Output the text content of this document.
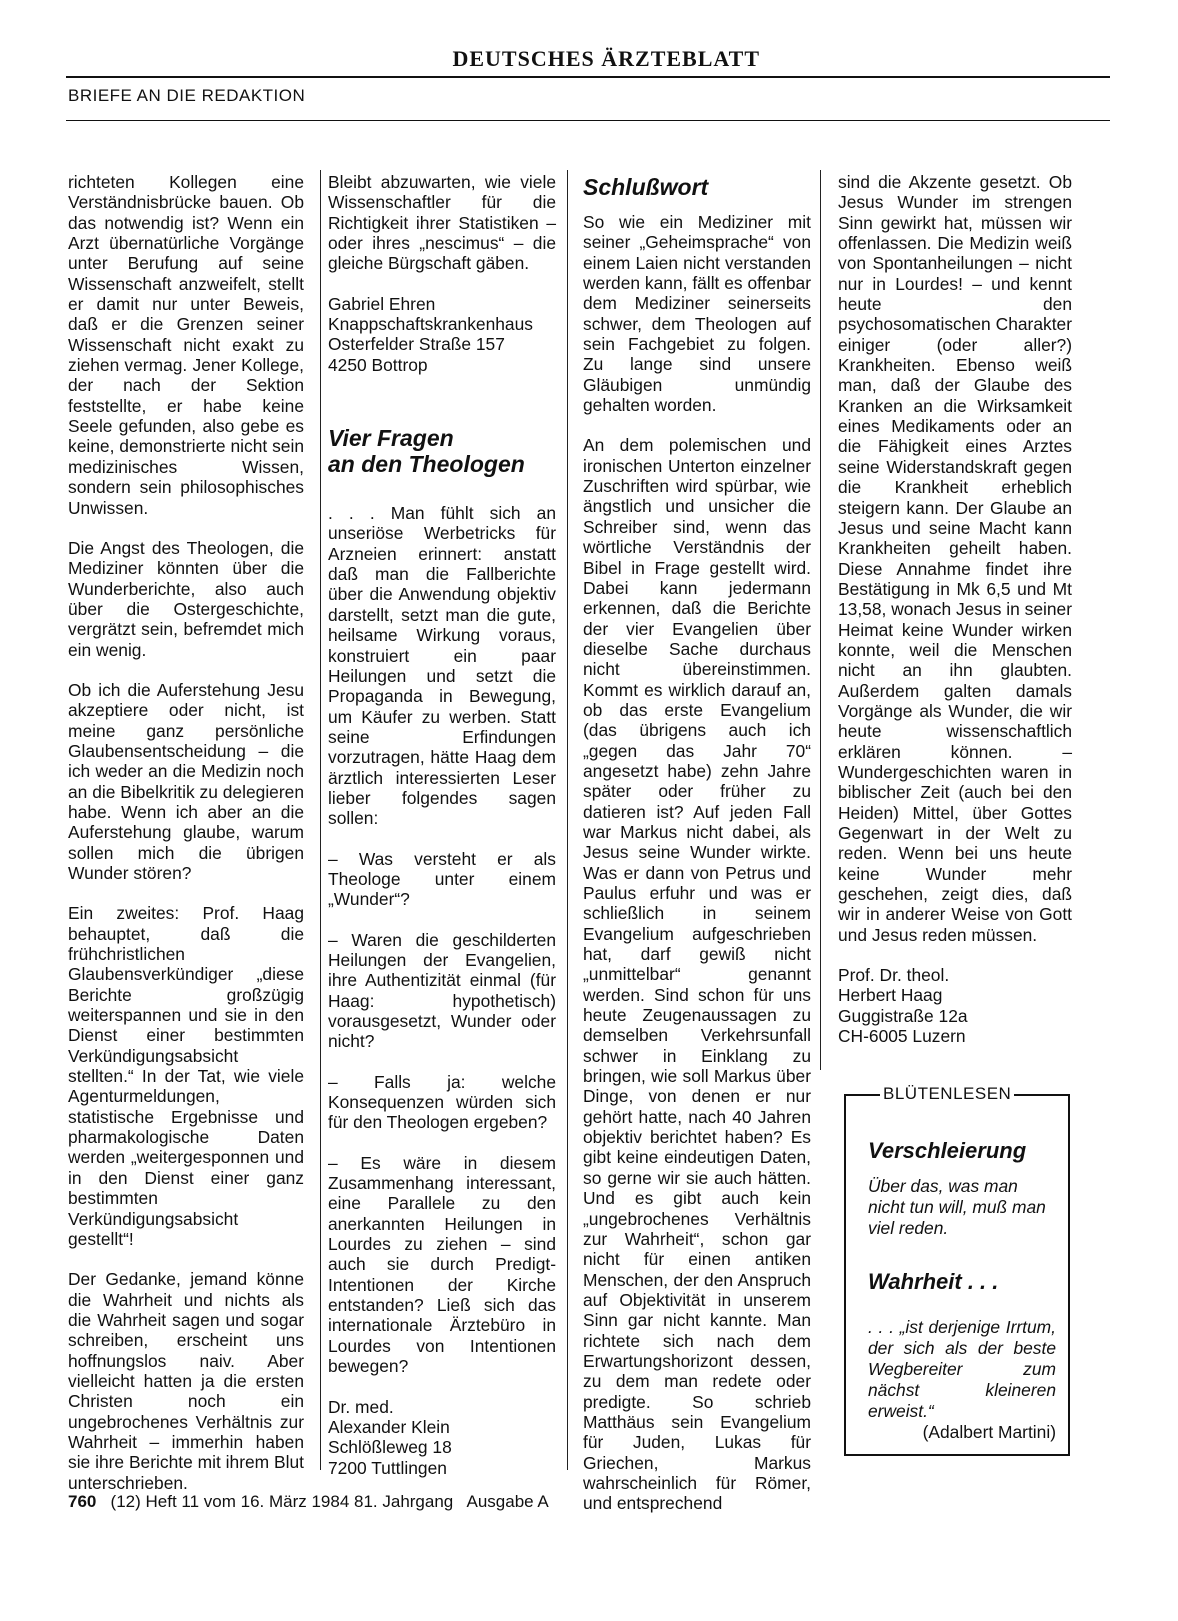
DEUTSCHES ÄRZTEBLATT
BRIEFE AN DIE REDAKTION

richteten Kollegen eine Verständnisbrücke bauen. Ob das notwendig ist? Wenn ein Arzt übernatürliche Vorgänge unter Berufung auf seine Wissenschaft anzweifelt, stellt er damit nur unter Beweis, daß er die Grenzen seiner Wissenschaft nicht exakt zu ziehen vermag. Jener Kollege, der nach der Sektion feststellte, er habe keine Seele gefunden, also gebe es keine, demonstrierte nicht sein medizinisches Wissen, sondern sein philosophisches Unwissen.

Die Angst des Theologen, die Mediziner könnten über die Wunderberichte, also auch über die Ostergeschichte, vergrätzt sein, befremdet mich ein wenig.

Ob ich die Auferstehung Jesu akzeptiere oder nicht, ist meine ganz persönliche Glaubensentscheidung – die ich weder an die Medizin noch an die Bibelkritik zu delegieren habe. Wenn ich aber an die Auferstehung glaube, warum sollen mich die übrigen Wunder stören?

Ein zweites: Prof. Haag behauptet, daß die frühchristlichen Glaubensverkündiger „diese Berichte großzügig weiterspannen und sie in den Dienst einer bestimmten Verkündigungsabsicht stellten.“ In der Tat, wie viele Agenturmeldungen, statistische Ergebnisse und pharmakologische Daten werden „weitergesponnen und in den Dienst einer ganz bestimmten Verkündigungsabsicht gestellt“!

Der Gedanke, jemand könne die Wahrheit und nichts als die Wahrheit sagen und sogar schreiben, erscheint uns hoffnungslos naiv. Aber vielleicht hatten ja die ersten Christen noch ein ungebrochenes Verhältnis zur Wahrheit – immerhin haben sie ihre Berichte mit ihrem Blut unterschrieben.

Bleibt abzuwarten, wie viele Wissenschaftler für die Richtigkeit ihrer Statistiken – oder ihres „nescimus“ – die gleiche Bürgschaft gäben.

Gabriel Ehren
Knappschaftskrankenhaus
Osterfelder Straße 157
4250 Bottrop

Vier Fragen
an den Theologen

. . . Man fühlt sich an unseriöse Werbetricks für Arzneien erinnert: anstatt daß man die Fallberichte über die Anwendung objektiv darstellt, setzt man die gute, heilsame Wirkung voraus, konstruiert ein paar Heilungen und setzt die Propaganda in Bewegung, um Käufer zu werben. Statt seine Erfindungen vorzutragen, hätte Haag dem ärztlich interessierten Leser lieber folgendes sagen sollen:

– Was versteht er als Theologe unter einem „Wunder“?

– Waren die geschilderten Heilungen der Evangelien, ihre Authentizität einmal (für Haag: hypothetisch) vorausgesetzt, Wunder oder nicht?

– Falls ja: welche Konsequenzen würden sich für den Theologen ergeben?

– Es wäre in diesem Zusammenhang interessant, eine Parallele zu den anerkannten Heilungen in Lourdes zu ziehen – sind auch sie durch Predigt-Intentionen der Kirche entstanden? Ließ sich das internationale Ärztebüro in Lourdes von Intentionen bewegen?

Dr. med.
Alexander Klein
Schlößleweg 18
7200 Tuttlingen

Schlußwort

So wie ein Mediziner mit seiner „Geheimsprache“ von einem Laien nicht verstanden werden kann, fällt es offenbar dem Mediziner seinerseits schwer, dem Theologen auf sein Fachgebiet zu folgen. Zu lange sind unsere Gläubigen unmündig gehalten worden.

An dem polemischen und ironischen Unterton einzelner Zuschriften wird spürbar, wie ängstlich und unsicher die Schreiber sind, wenn das wörtliche Verständnis der Bibel in Frage gestellt wird. Dabei kann jedermann erkennen, daß die Berichte der vier Evangelien über dieselbe Sache durchaus nicht übereinstimmen. Kommt es wirklich darauf an, ob das erste Evangelium (das übrigens auch ich „gegen das Jahr 70“ angesetzt habe) zehn Jahre später oder früher zu datieren ist? Auf jeden Fall war Markus nicht dabei, als Jesus seine Wunder wirkte. Was er dann von Petrus und Paulus erfuhr und was er schließlich in seinem Evangelium aufgeschrieben hat, darf gewiß nicht „unmittelbar“ genannt werden. Sind schon für uns heute Zeugenaussagen zu demselben Verkehrsunfall schwer in Einklang zu bringen, wie soll Markus über Dinge, von denen er nur gehört hatte, nach 40 Jahren objektiv berichtet haben? Es gibt keine eindeutigen Daten, so gerne wir sie auch hätten. Und es gibt auch kein „ungebrochenes Verhältnis zur Wahrheit“, schon gar nicht für einen antiken Menschen, der den Anspruch auf Objektivität in unserem Sinn gar nicht kannte. Man richtete sich nach dem Erwartungshorizont dessen, zu dem man redete oder predigte. So schrieb Matthäus sein Evangelium für Juden, Lukas für Griechen, Markus wahrscheinlich für Römer, und entsprechend

sind die Akzente gesetzt. Ob Jesus Wunder im strengen Sinn gewirkt hat, müssen wir offenlassen. Die Medizin weiß von Spontanheilungen – nicht nur in Lourdes! – und kennt heute den psychosomatischen Charakter einiger (oder aller?) Krankheiten. Ebenso weiß man, daß der Glaube des Kranken an die Wirksamkeit eines Medikaments oder an die Fähigkeit eines Arztes seine Widerstandskraft gegen die Krankheit erheblich steigern kann. Der Glaube an Jesus und seine Macht kann Krankheiten geheilt haben. Diese Annahme findet ihre Bestätigung in Mk 6,5 und Mt 13,58, wonach Jesus in seiner Heimat keine Wunder wirken konnte, weil die Menschen nicht an ihn glaubten. Außerdem galten damals Vorgänge als Wunder, die wir heute wissenschaftlich erklären können. – Wundergeschichten waren in biblischer Zeit (auch bei den Heiden) Mittel, über Gottes Gegenwart in der Welt zu reden. Wenn bei uns heute keine Wunder mehr geschehen, zeigt dies, daß wir in anderer Weise von Gott und Jesus reden müssen.

Prof. Dr. theol.
Herbert Haag
Guggistraße 12a
CH-6005 Luzern

BLÜTENLESEN
Verschleierung

Über das, was man nicht tun will, muß man viel reden.

Wahrheit . . .

. . . „ist derjenige Irrtum, der sich als der beste Wegbereiter zum nächst kleineren erweist.“

(Adalbert Martini)

760 (12) Heft 11 vom 16. März 1984 81. Jahrgang Ausgabe A
